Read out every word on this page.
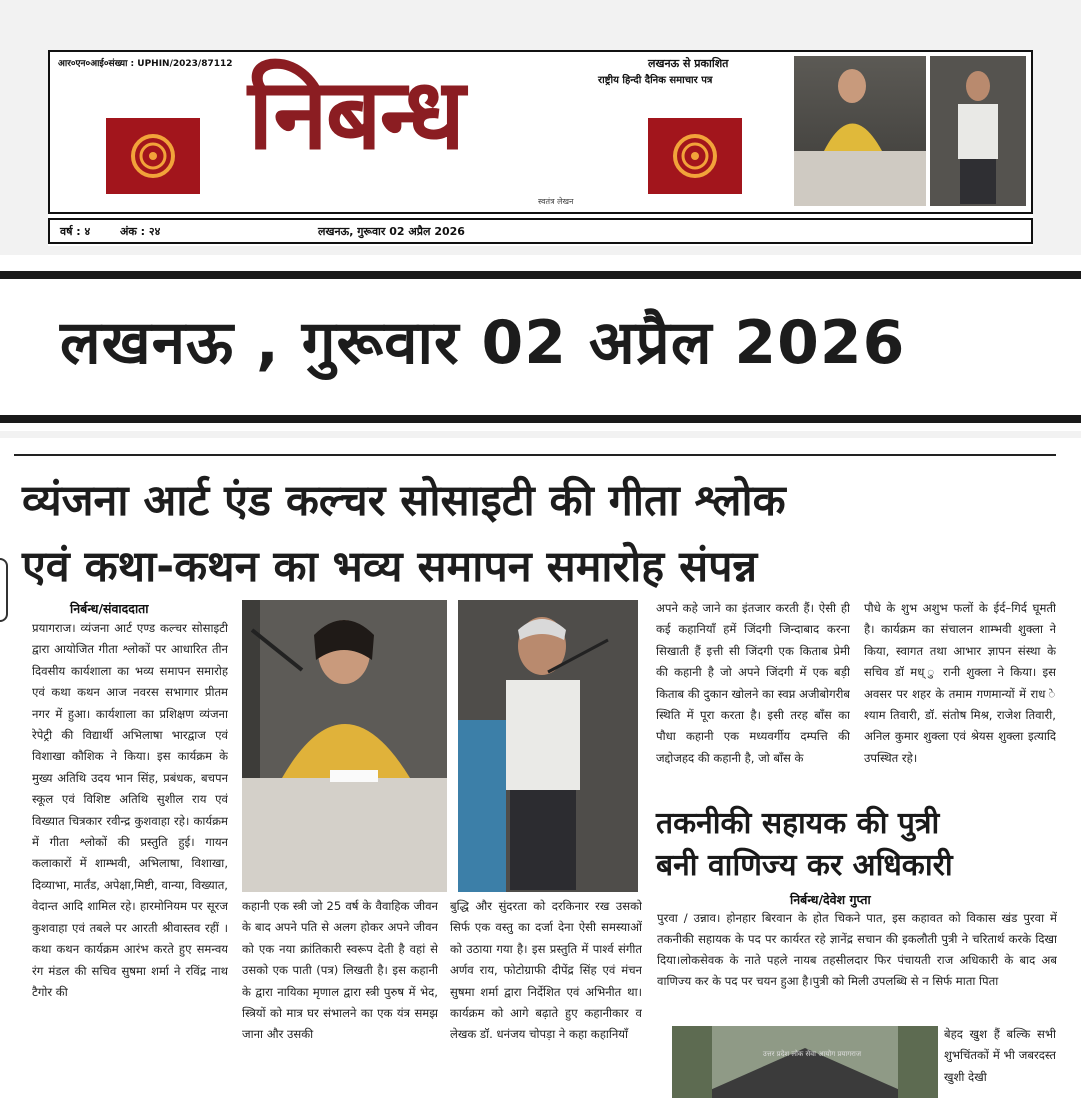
आर०एन०आई०संख्या : UPHIN/2023/87112	लखनऊ से प्रकाशित
राष्ट्रीय हिन्दी दैनिक समाचार पत्र
निबन्ध
स्वतंत्र लेखन
वर्ष : ४	अंक : २४	लखनऊ, गुरूवार 02 अप्रैल 2026
लखनऊ , गुरूवार 02 अप्रैल 2026
व्यंजना आर्ट एंड कल्चर सोसाइटी की गीता श्लोक
एवं कथा-कथन का भव्य समापन समारोह संपन्न
निर्बन्ध/संवाददाता
प्रयागराज। व्यंजना आर्ट एण्ड कल्चर सोसाइटी द्वारा आयोजित गीता श्लोकों पर आधारित तीन दिवसीय कार्यशाला का भव्य समापन समारोह एवं कथा कथन आज नवरस सभागार प्रीतम नगर में हुआ। कार्यशाला का प्रशिक्षण व्यंजना रेपेट्री की विद्यार्थी अभिलाषा भारद्वाज एवं विशाखा कौशिक ने किया। इस कार्यक्रम के मुख्य अतिथि उदय भान सिंह, प्रबंधक, बचपन स्कूल एवं विशिष्ट अतिथि सुशील राय एवं विख्यात चित्रकार रवीन्द्र कुशवाहा रहे। कार्यक्रम में गीता श्लोकों की प्रस्तुति हुई। गायन कलाकारों में शाम्भवी, अभिलाषा, विशाखा, दिव्याभा, मार्तंड, अपेक्षा,मिष्टी, वान्या, विख्यात, वेदान्त आदि शामिल रहे। हारमोनियम पर सूरज कुशवाहा एवं तबले पर आरती श्रीवास्तव रहीं । कथा कथन कार्यक्रम आरंभ करते हुए समन्वय रंग मंडल की सचिव सुषमा शर्मा ने रविंद्र नाथ टैगोर की
कहानी एक स्त्री जो 25 वर्ष के वैवाहिक जीवन के बाद अपने पति से अलग होकर अपने जीवन को एक नया क्रांतिकारी स्वरूप देती है वहां से उसको एक पाती (पत्र) लिखती है। इस कहानी के द्वारा नायिका मृणाल द्वारा स्त्री पुरुष में भेद, स्त्रियों को मात्र घर संभालने का एक यंत्र समझ जाना और उसकी
बुद्धि और सुंदरता को दरकिनार रख उसको सिर्फ एक वस्तु का दर्जा देना ऐसी समस्याओं को उठाया गया है। इस प्रस्तुति में पार्श्व संगीत अर्णव राय, फोटोग्राफी दीपेंद्र सिंह एवं मंचन सुषमा शर्मा द्वारा निर्देशित एवं अभिनीत था। कार्यक्रम को आगे बढ़ाते हुए कहानीकार व लेखक डॉ. धनंजय चोपड़ा ने कहा कहानियाँ
अपने कहे जाने का इंतजार करती हैं। ऐसी ही कई कहानियाँ हमें जिंदगी जिन्दाबाद करना सिखाती हैं इत्ती सी जिंदगी एक किताब प्रेमी की कहानी है जो अपने जिंदगी में एक बड़ी किताब की दुकान खोलने का स्वप्न अजीबोगरीब स्थिति में पूरा करता है। इसी तरह बाँस का पौधा कहानी एक मध्यवर्गीय दम्पत्ति की जद्दोजहद की कहानी है, जो बाँस के
पौधे के शुभ अशुभ फलों के ईर्द–गिर्द घूमती है। कार्यक्रम का संचालन शाम्भवी शुक्ला ने किया, स्वागत तथा आभार ज्ञापन संस्था के सचिव डॉ मध् ु रानी शुक्ला ने किया। इस अवसर पर शहर के तमाम गणमान्यों में राध े श्याम तिवारी, डॉ. संतोष मिश्र, राजेश तिवारी, अनिल कुमार शुक्ला एवं श्रेयस शुक्ला इत्यादि उपस्थित रहे।
तकनीकी सहायक की पुत्री
बनी वाणिज्य कर अधिकारी
निर्बन्ध/देवेश गुप्ता
पुरवा / उन्नाव। होनहार बिरवान के होत चिकने पात, इस कहावत को विकास खंड पुरवा में तकनीकी सहायक के पद पर कार्यरत रहे ज्ञानेंद्र सचान की इकलौती पुत्री ने चरितार्थ करके दिखा दिया।लोकसेवक के नाते पहले नायब तहसीलदार फिर पंचायती राज अधिकारी के बाद अब वाणिज्य कर के पद पर चयन हुआ है।पुत्री को मिली उपलब्धि से न सिर्फ माता पिता
उत्तर प्रदेश लोक सेवा आयोग प्रयागराज
बेहद खुश हैं बल्कि सभी शुभचिंतकों में भी जबरदस्त खुशी देखी
